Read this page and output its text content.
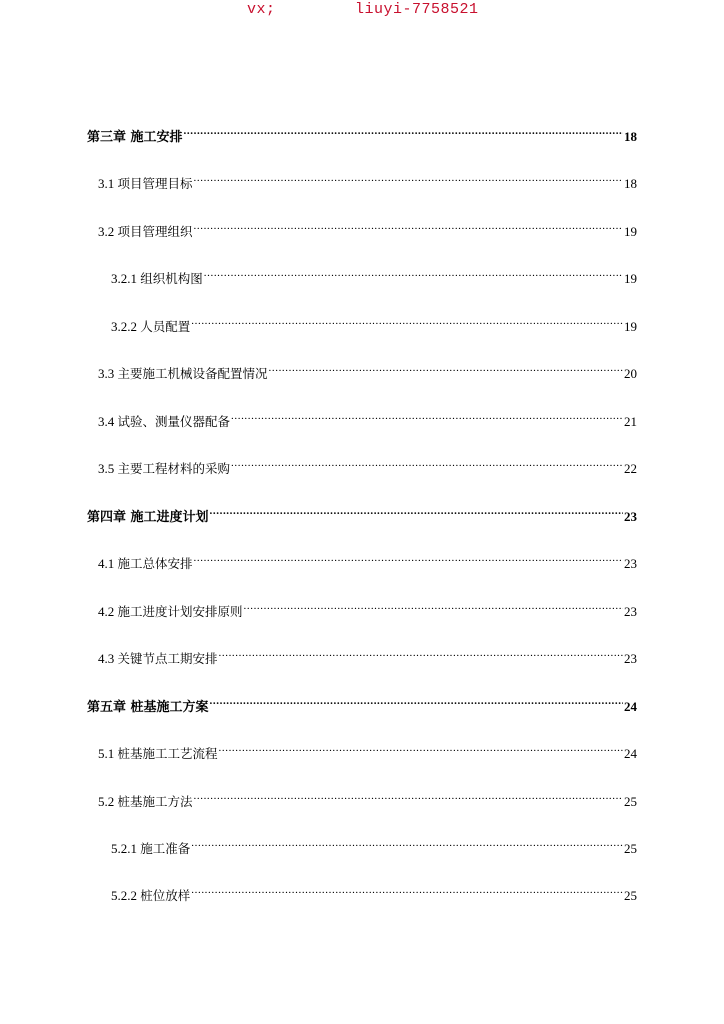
vx;	liuyi-7758521
第三章 施工安排 .....	18
3.1 项目管理目标 .....	18
3.2 项目管理组织 .....	19
3.2.1 组织机构图 .....	19
3.2.2 人员配置 .....	19
3.3 主要施工机械设备配置情况 .....	20
3.4 试验、测量仪器配备 .....	21
3.5 主要工程材料的采购 .....	22
第四章 施工进度计划 .....	23
4.1 施工总体安排 .....	23
4.2 施工进度计划安排原则 .....	23
4.3 关键节点工期安排 .....	23
第五章 桩基施工方案 .....	24
5.1 桩基施工工艺流程 .....	24
5.2 桩基施工方法 .....	25
5.2.1 施工准备 .....	25
5.2.2 桩位放样 .....	25
